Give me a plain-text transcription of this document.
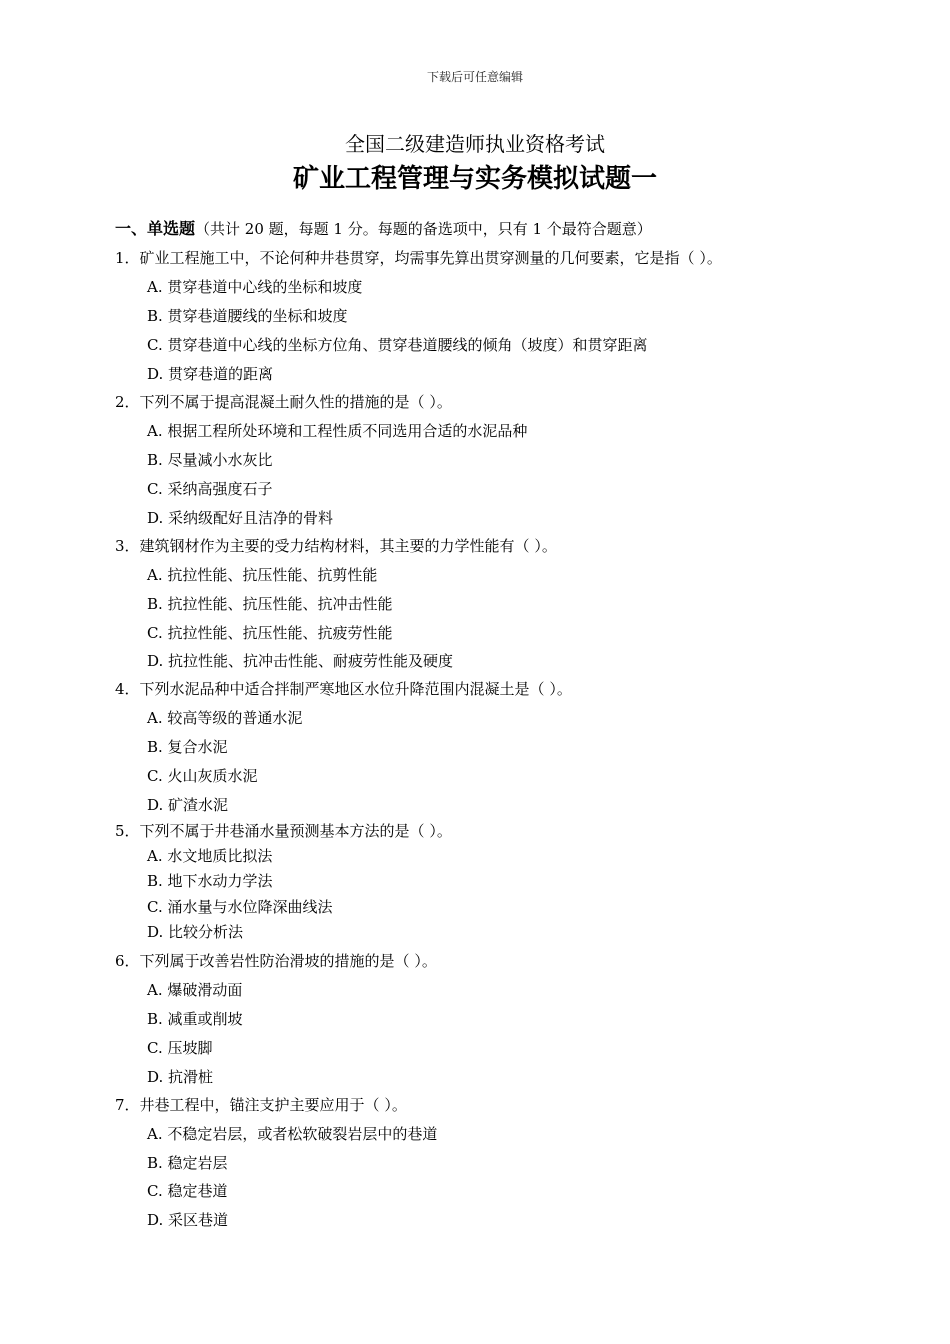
下载后可任意编辑
全国二级建造师执业资格考试
矿业工程管理与实务模拟试题一
一、单选题（共计 20 题，每题 1 分。每题的备选项中，只有 1 个最符合题意）
1．矿业工程施工中，不论何种井巷贯穿，均需事先算出贯穿测量的几何要素，它是指（ ）。
A. 贯穿巷道中心线的坐标和坡度
B. 贯穿巷道腰线的坐标和坡度
C. 贯穿巷道中心线的坐标方位角、贯穿巷道腰线的倾角（坡度）和贯穿距离
D. 贯穿巷道的距离
2．下列不属于提高混凝土耐久性的措施的是（ ）。
A. 根据工程所处环境和工程性质不同选用合适的水泥品种
B. 尽量减小水灰比
C. 采纳高强度石子
D. 采纳级配好且洁净的骨料
3．建筑钢材作为主要的受力结构材料，其主要的力学性能有（ ）。
A. 抗拉性能、抗压性能、抗剪性能
B. 抗拉性能、抗压性能、抗冲击性能
C. 抗拉性能、抗压性能、抗疲劳性能
D. 抗拉性能、抗冲击性能、耐疲劳性能及硬度
4．下列水泥品种中适合拌制严寒地区水位升降范围内混凝土是（ ）。
A. 较高等级的普通水泥
B. 复合水泥
C. 火山灰质水泥
D. 矿渣水泥
5．下列不属于井巷涌水量预测基本方法的是（ ）。
A. 水文地质比拟法
B. 地下水动力学法
C. 涌水量与水位降深曲线法
D. 比较分析法
6．下列属于改善岩性防治滑坡的措施的是（ ）。
A. 爆破滑动面
B. 减重或削坡
C. 压坡脚
D. 抗滑桩
7．井巷工程中，锚注支护主要应用于（ ）。
A. 不稳定岩层，或者松软破裂岩层中的巷道
B. 稳定岩层
C. 稳定巷道
D. 采区巷道
